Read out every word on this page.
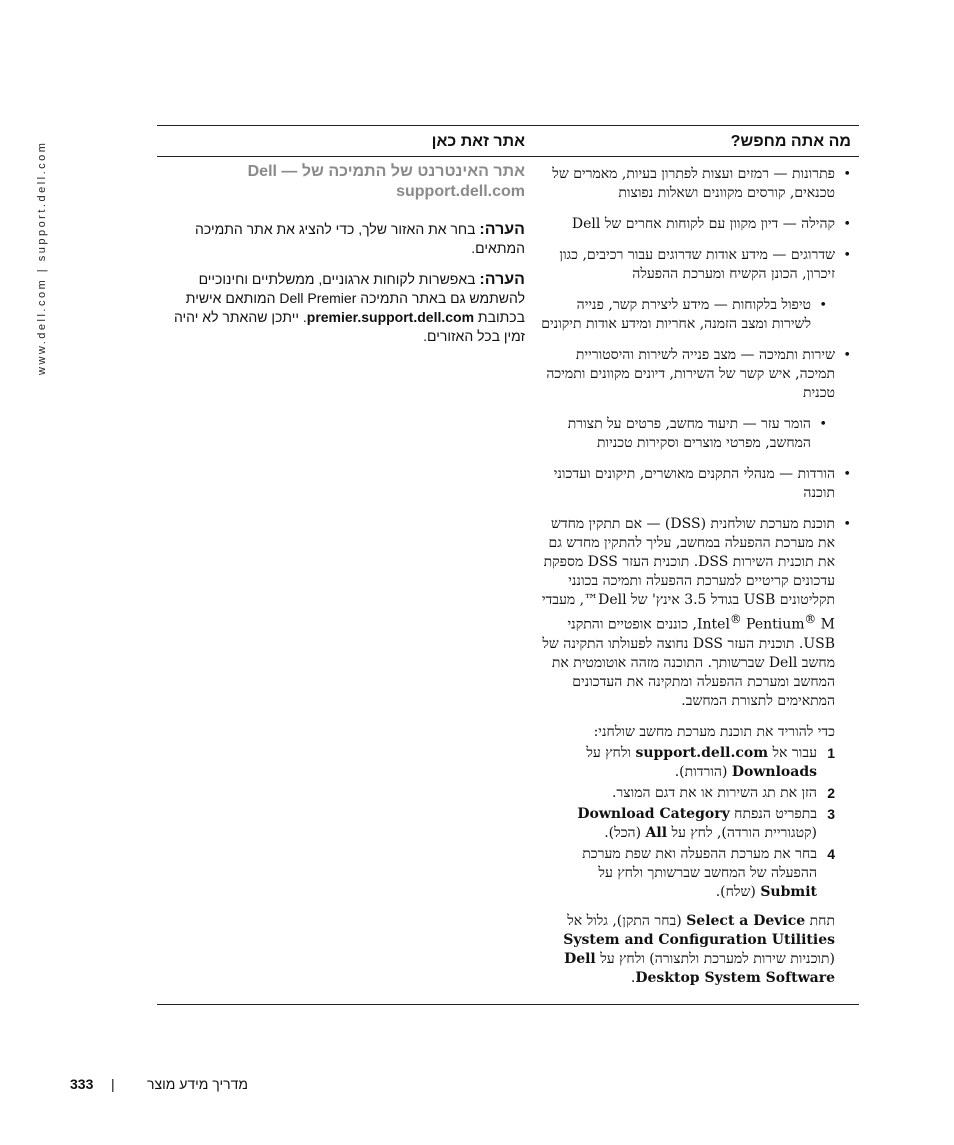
www.dell.com | support.dell.com	מה אתה מחפש?
אתר זאת כאן
• פתרונות — רמזים ועצות לפתרון בעיות, מאמרים של טכנאים, קורסים מקוונים ושאלות נפוצות
• קהילה — דיון מקוון עם לקוחות אחרים של Dell
• שדרוגים — מידע אודות שדרוגים עבור רכיבים, כגון זיכרון, הכונן הקשיח ומערכת ההפעלה
• טיפול בלקוחות — מידע ליצירת קשר, פנייה לשירות ומצב הזמנה, אחריות ומידע אודות תיקונים
• שירות ותמיכה — מצב פנייה לשירות והיסטוריית תמיכה, איש קשר של השירות, דיונים מקוונים ותמיכה טכנית
• הומר עזר — תיעוד מחשב, פרטים על תצורת המחשב, מפרטי מוצרים וסקירות טכניות
• הורדות — מנהלי התקנים מאושרים, תיקונים ועדכוני תוכנה
• תוכנת מערכת שולחנית (DSS) — אם תתקין מחדש את מערכת ההפעלה במחשב, עליך להתקין מחדש גם את תוכנית השירות DSS. תוכנית העזר DSS מספקת עדכונים קריטיים למערכת ההפעלה ותמיכה בכונני תקליטונים USB בגודל 3.5 אינץ' של Dell™, מעבדי Intel® Pentium® M, כוננים אופטיים והתקני USB. תוכנית העזר DSS נחוצה לפעולתו התקינה של מחשב Dell שברשותך. התוכנה מזהה אוטומטית את המחשב ומערכת ההפעלה ומתקינה את העדכונים המתאימים לתצורת המחשב.
כדי להוריד את תוכנת מערכת מחשב שולחני:
1
עבור אל support.dell.com ולחץ על Downloads (הורדות).
2
הזן את תג השירות או את דגם המוצר.
3
בתפריט הנפתח Download Category (קטגוריית הורדה), לחץ על All (הכל).
4
בחר את מערכת ההפעלה ואת שפת מערכת ההפעלה של המחשב שברשותך ולחץ על Submit (שלח).
תחת Select a Device (בחר התקן), גלול אל System and Configuration Utilities (תוכניות שירות למערכת ולתצורה) ולחץ על Dell Desktop System Software.
אתר האינטרנט של התמיכה של Dell — support.dell.com
הערה: בחר את האזור שלך, כדי להציג את אתר התמיכה המתאים.
הערה: באפשרות לקוחות ארגוניים, ממשלתיים וחינוכיים להשתמש גם באתר התמיכה Dell Premier המותאם אישית בכתובת premier.support.dell.com. ייתכן שהאתר לא יהיה זמין בכל האזורים.
333 | מדריך מידע מוצר
